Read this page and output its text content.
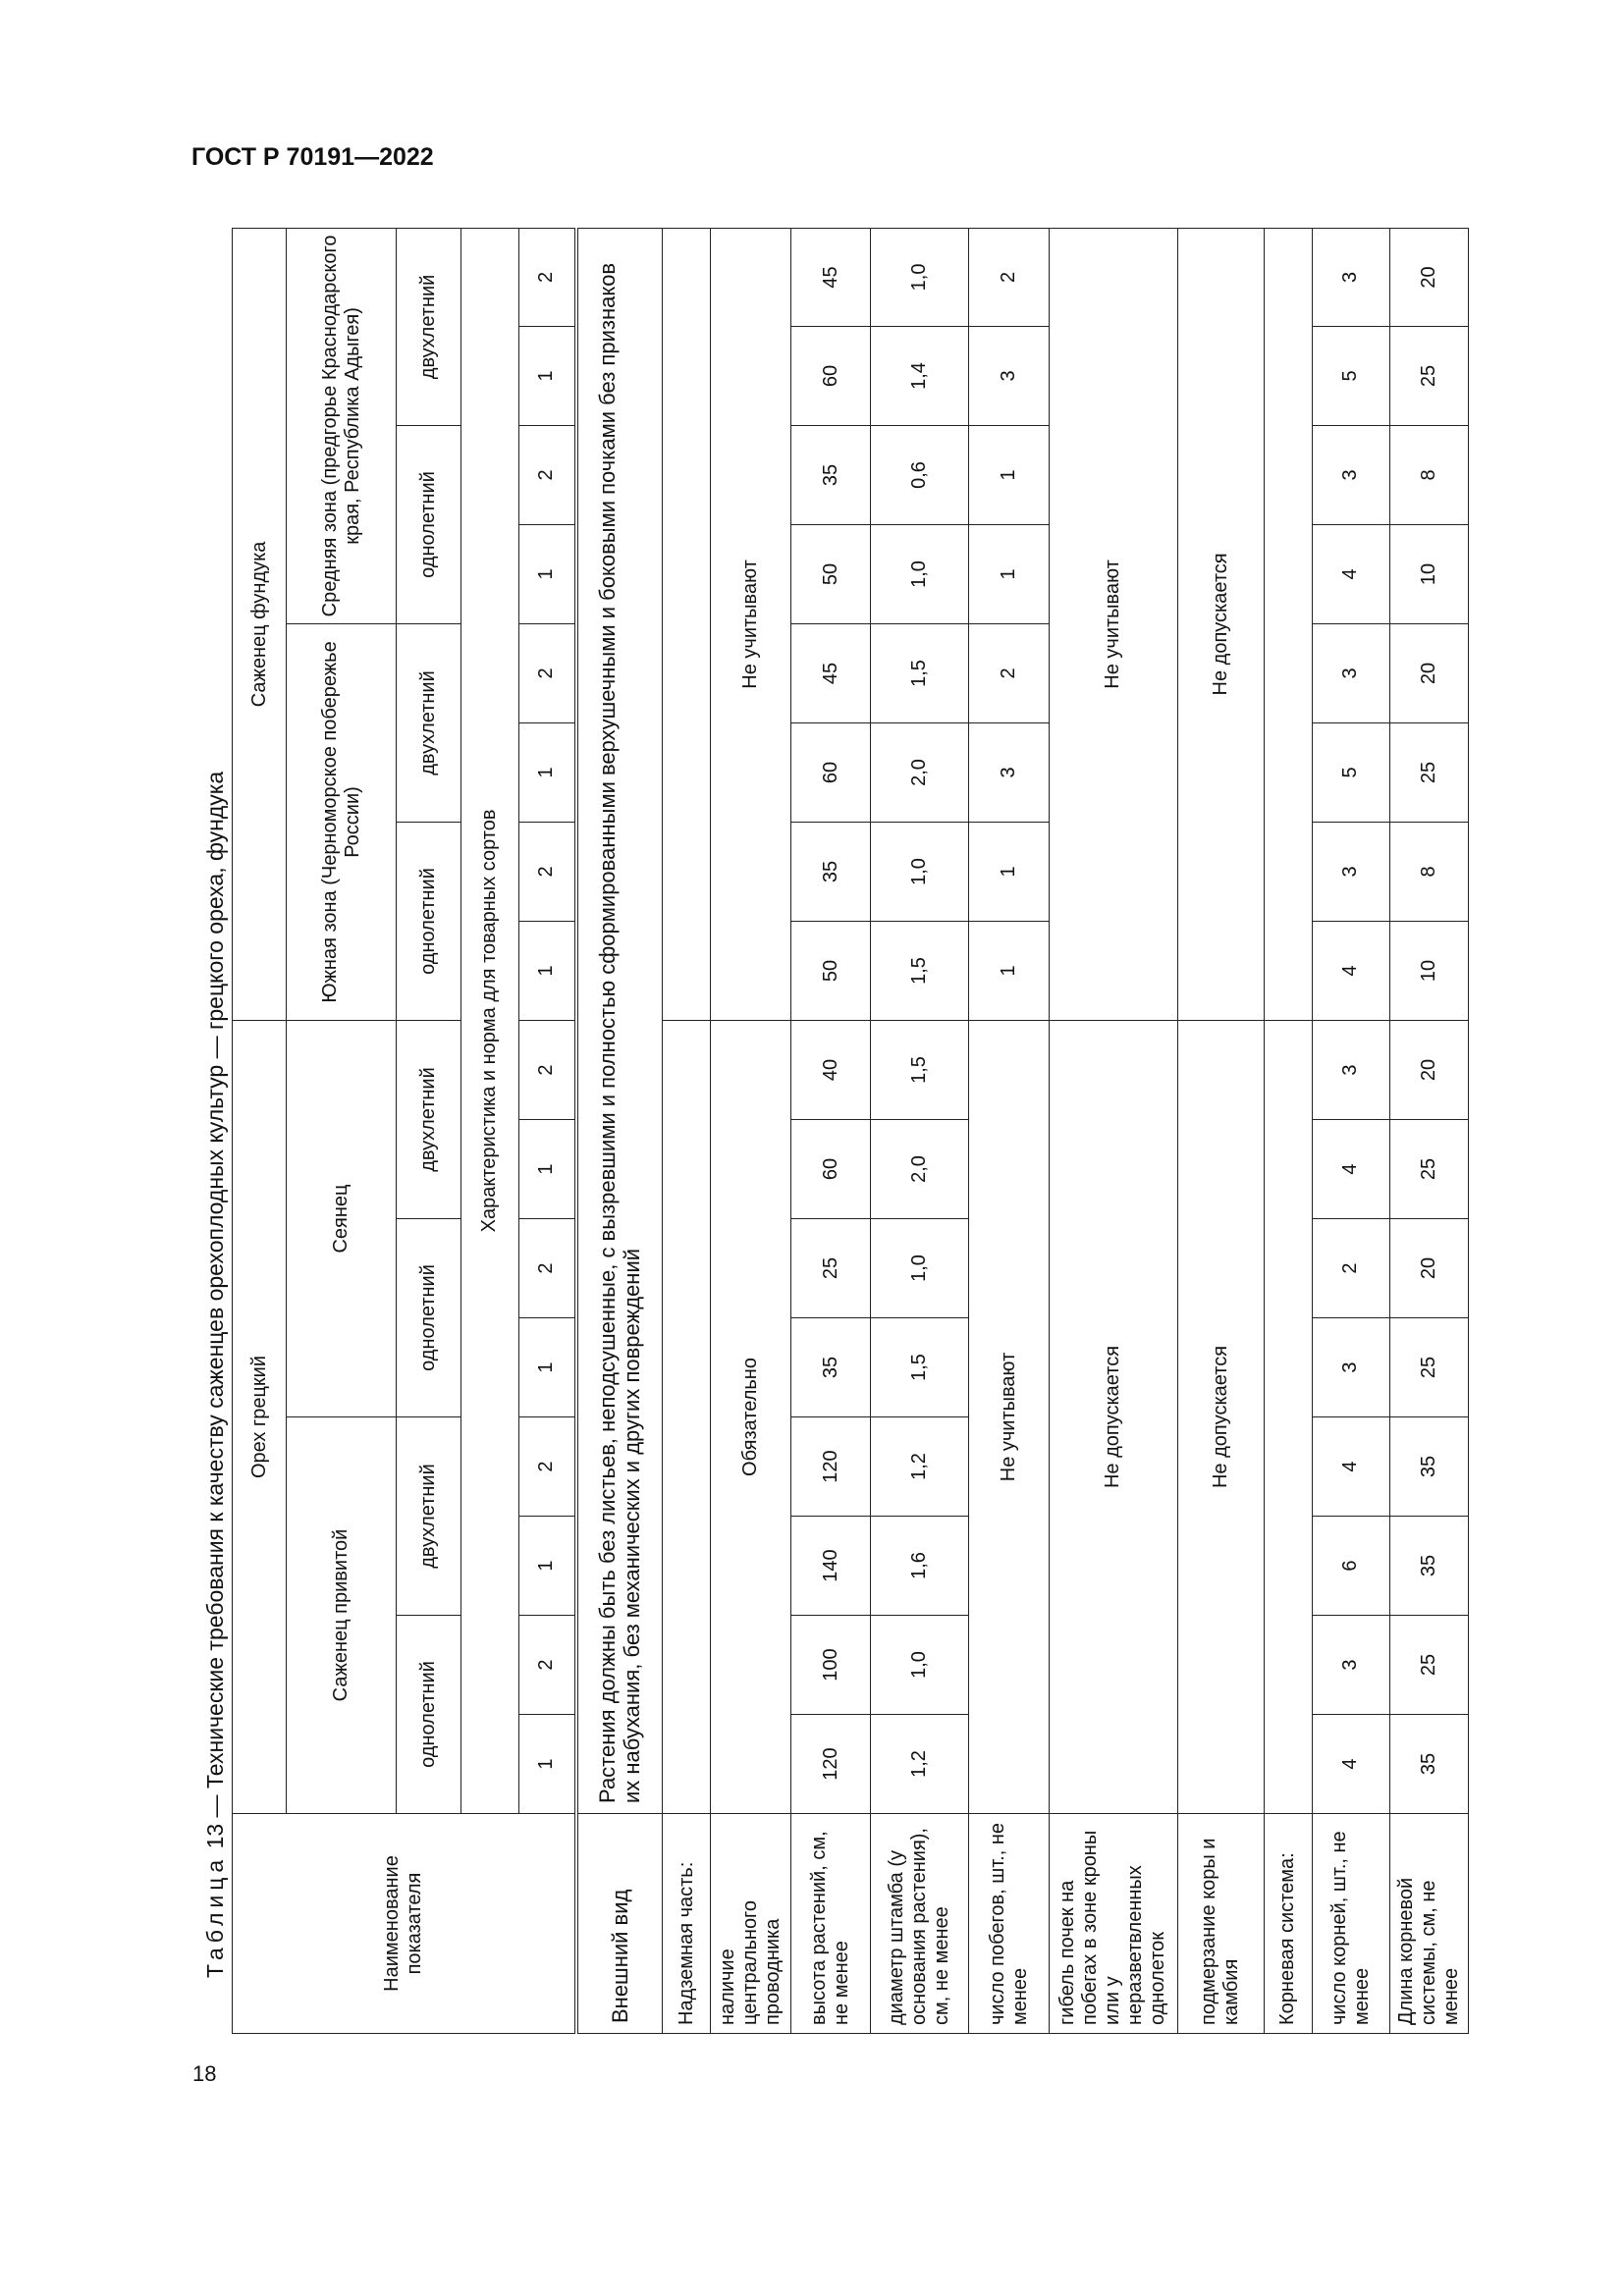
ГОСТ Р 70191—2022
18
Таблица 13 — Технические требования к качеству саженцев орехоплодных культур — грецкого ореха, фундука
Наименование показателя	Орех грецкий								Саженец фундука							
	Саженец привитой				Сеянец				Южная зона (Черноморское побережье России)				Средняя зона (предгорье Краснодарского края, Республика Адыгея)			
	однолетний		двухлетний		однолетний		двухлетний		однолетний		двухлетний		однолетний		двухлетний	
	Характеристика и норма для товарных сортов															
	1	2	1	2	1	2	1	2	1	2	1	2	1	2	1	2
Внешний вид	Растения должны быть без листьев, неподсушенные, с вызревшими и полностью сформированными верхушечными и боковыми почками без признаков их набухания, без механических и других повреждений															
Надземная часть:																
наличие центрального проводника	Обязательно								Не учитывают							
высота растений, см, не менее	120	100	140	120	35	25	60	40	50	35	60	45	50	35	60	45
диаметр штамба (у основания растения), см, не менее	1,2	1,0	1,6	1,2	1,5	1,0	2,0	1,5	1,5	1,0	2,0	1,5	1,0	0,6	1,4	1,0
число побегов, шт., не менее	Не учитывают								1	1	3	2	1	1	3	2
гибель почек на побегах в зоне кроны или у неразветвленных однолеток	Не допускается								Не учитывают							
подмерзание коры и камбия	Не допускается								Не допускается							
Корневая система:																
число корней, шт., не менее	4	3	6	4	3	2	4	3	4	3	5	3	4	3	5	3
Длина корневой системы, см, не менее	35	25	35	35	25	20	25	20	10	8	25	20	10	8	25	20
